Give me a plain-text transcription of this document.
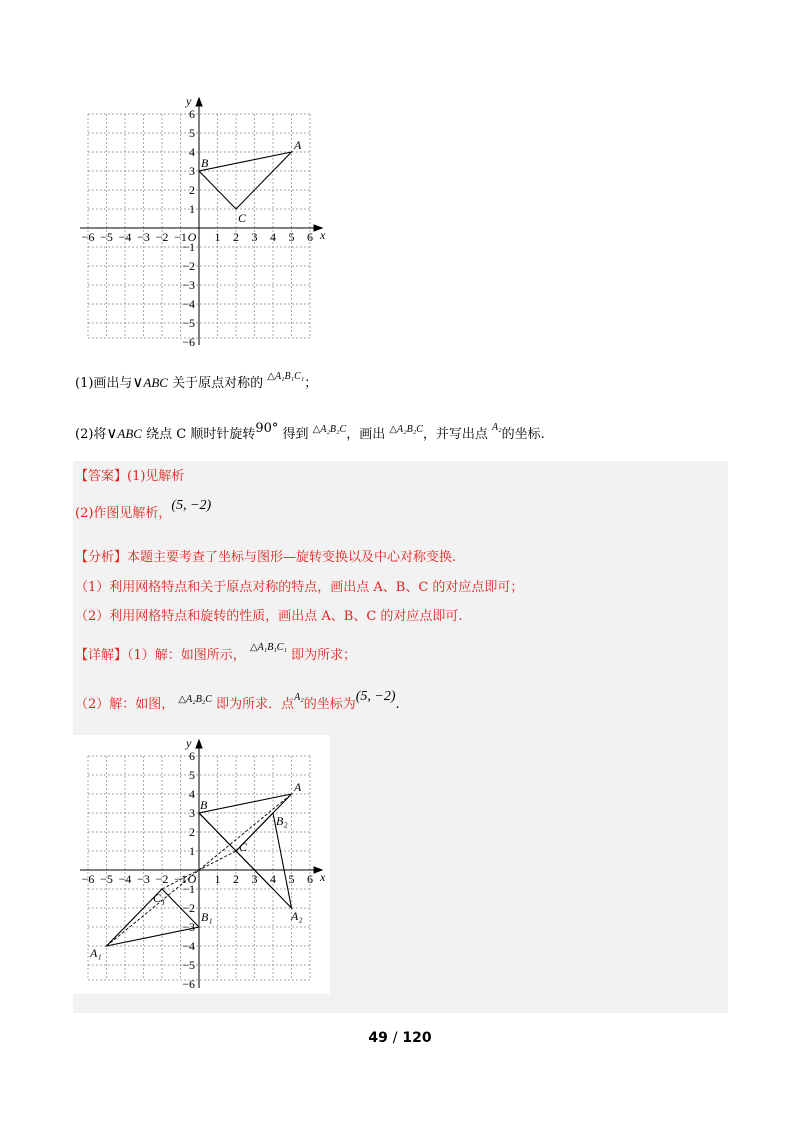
−6 −5 −4 −3 −2 −1 O 1 2 3 4 5 6
1
2
3
4
5
6
−1
−2
−3
−4
−5
−6
x
y
A
B
C
(1)画出与∨ABC 关于原点对称的 $^{\triangle A_1B_1C_1}$；
(2)将∨ABC 绕点 C 顺时针旋转90° 得到 $^{\triangle A_2B_2C}$，画出 $^{\triangle A_2B_2C}$，并写出点 $^{A_2}$的坐标.
【答案】(1)见解析
(2)作图见解析，(5, −2)
【分析】本题主要考查了坐标与图形—旋转变换以及中心对称变换.
（1）利用网格特点和关于原点对称的特点，画出点 A、B、C 的对应点即可；
（2）利用网格特点和旋转的性质，画出点 A、B、C 的对应点即可.
【详解】（1）解：如图所示， $^{\triangle A_1B_1C_1}$ 即为所求；
（2）解：如图， $^{\triangle A_2B_2C}$ 即为所求．点$^{A_2}$的坐标为(5, −2).
−6 −5 −4 −3 −2 −1 O 1 2 3 4 5 6
1
2
3
4
5
6
−1
−2
−3
−4
−5
−6
x
y
A
B
C
A₁
B₁
C₁
A₂
B₂
49 / 120
